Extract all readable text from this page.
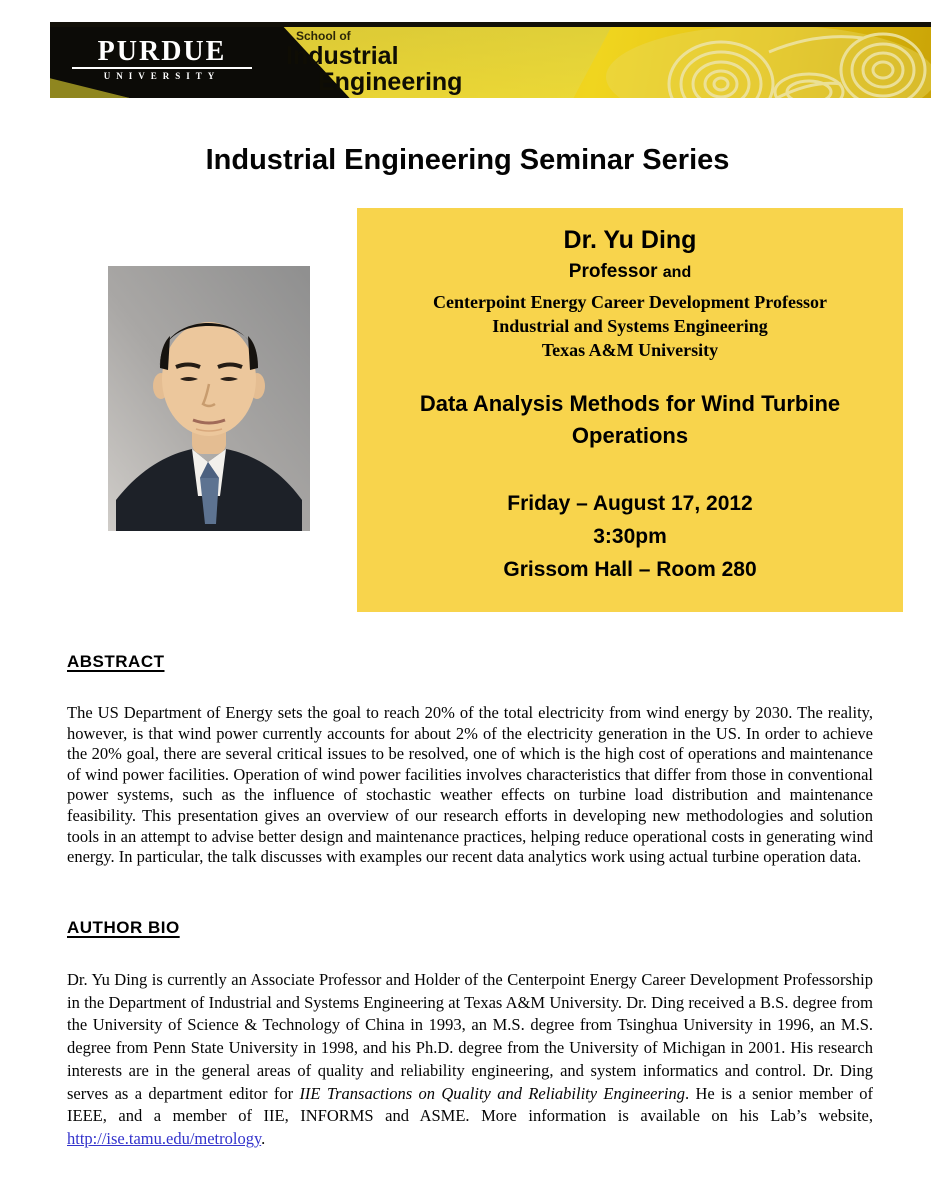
PURDUE
UNIVERSITY
School of
Industrial
Engineering
Industrial Engineering Seminar Series
Dr. Yu Ding
Professor and
Centerpoint Energy Career Development Professor
Industrial and Systems Engineering
Texas A&M University
Data Analysis Methods for Wind Turbine Operations
Friday – August 17, 2012
3:30pm
Grissom Hall – Room 280
ABSTRACT
The US Department of Energy sets the goal to reach 20% of the total electricity from wind energy by 2030. The reality, however, is that wind power currently accounts for about 2% of the electricity generation in the US. In order to achieve the 20% goal, there are several critical issues to be resolved, one of which is the high cost of operations and maintenance of wind power facilities. Operation of wind power facilities involves characteristics that differ from those in conventional power systems, such as the influence of stochastic weather effects on turbine load distribution and maintenance feasibility. This presentation gives an overview of our research efforts in developing new methodologies and solution tools in an attempt to advise better design and maintenance practices, helping reduce operational costs in generating wind energy. In particular, the talk discusses with examples our recent data analytics work using actual turbine operation data.
AUTHOR BIO
Dr. Yu Ding is currently an Associate Professor and Holder of the Centerpoint Energy Career Development Professorship in the Department of Industrial and Systems Engineering at Texas A&M University. Dr. Ding received a B.S. degree from the University of Science & Technology of China in 1993, an M.S. degree from Tsinghua University in 1996, an M.S. degree from Penn State University in 1998, and his Ph.D. degree from the University of Michigan in 2001. His research interests are in the general areas of quality and reliability engineering, and system informatics and control. Dr. Ding serves as a department editor for IIE Transactions on Quality and Reliability Engineering. He is a senior member of IEEE, and a member of IIE, INFORMS and ASME. More information is available on his Lab’s website, http://ise.tamu.edu/metrology.
